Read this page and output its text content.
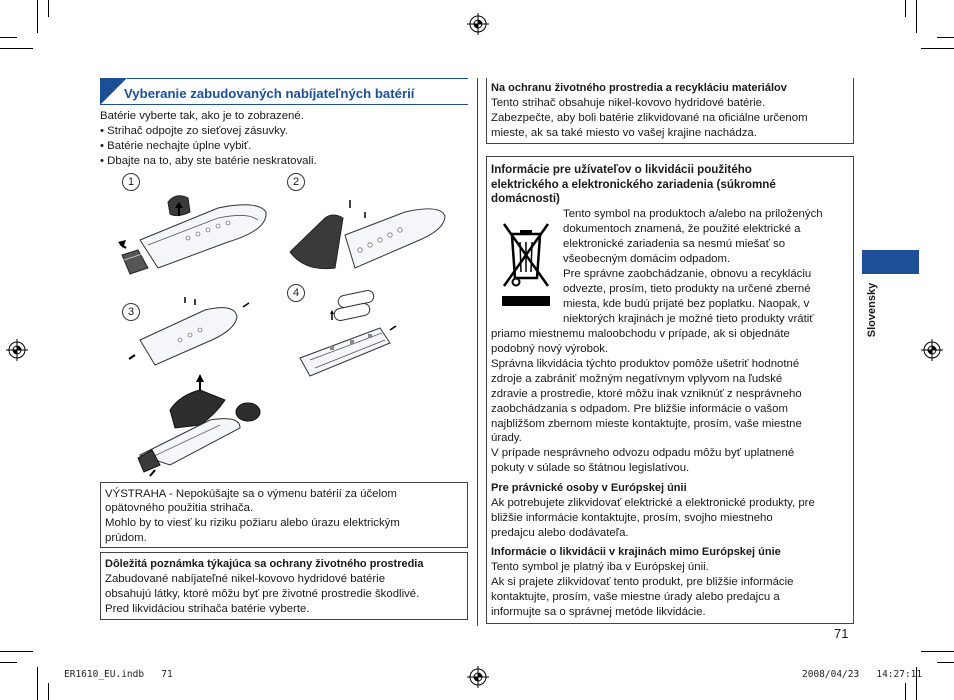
Vyberanie zabudovaných nabíjateľných batérií
Batérie vyberte tak, ako je to zobrazené.
• Strihač odpojte zo sieťovej zásuvky.
• Batérie nechajte úplne vybiť.
• Dbajte na to, aby ste batérie neskratovali.
1	2
3
4
VÝSTRAHA - Nepokúšajte sa o výmenu batérií za účelom
opätovného použitia strihača.
Mohlo by to viesť ku riziku požiaru alebo úrazu elektrickým
prúdom.
Dôležitá poznámka týkajúca sa ochrany životného prostredia
Zabudované nabíjateľné nikel-kovovo hydridové batérie
obsahujú látky, ktoré môžu byť pre životné prostredie škodlivé.
Pred likvidáciou strihača batérie vyberte.
Na ochranu životného prostredia a recykláciu materiálov
Tento strihač obsahuje nikel-kovovo hydridové batérie.
Zabezpečte, aby boli batérie zlikvidované na oficiálne určenom
mieste, ak sa také miesto vo vašej krajine nachádza.
Informácie pre užívateľov o likvidácii použitého
elektrického a elektronického zariadenia (súkromné
domácnosti)
Tento symbol na produktoch a/alebo na priložených
dokumentoch znamená, že použité elektrické a
elektronické zariadenia sa nesmú miešať so
všeobecným domácim odpadom.
Pre správne zaobchádzanie, obnovu a recykláciu
odvezte, prosím, tieto produkty na určené zberné
miesta, kde budú prijaté bez poplatku. Naopak, v
niektorých krajinách je možné tieto produkty vrátiť
priamo miestnemu maloobchodu v prípade, ak si objednáte
podobný nový výrobok.
Správna likvidácia týchto produktov pomôže ušetriť hodnotné
zdroje a zabrániť možným negatívnym vplyvom na ľudské
zdravie a prostredie, ktoré môžu inak vzniknúť z nesprávneho
zaobchádzania s odpadom. Pre bližšie informácie o vašom
najbližšom zbernom mieste kontaktujte, prosím, vaše miestne
úrady.
V prípade nesprávneho odvozu odpadu môžu byť uplatnené
pokuty v súlade so štátnou legislatívou.
Pre právnické osoby v Európskej únii
Ak potrebujete zlikvidovať elektrické a elektronické produkty, pre
bližšie informácie kontaktujte, prosím, svojho miestneho
predajcu alebo dodávateľa.
Informácie o likvidácii v krajinách mimo Európskej únie
Tento symbol je platný iba v Európskej únii.
Ak si prajete zlikvidovať tento produkt, pre bližšie informácie
kontaktujte, prosím, vaše miestne úrady alebo predajcu a
informujte sa o správnej metóde likvidácie.
Slovensky
71
ER1610_EU.indb   71	2008/04/23   14:27:11
